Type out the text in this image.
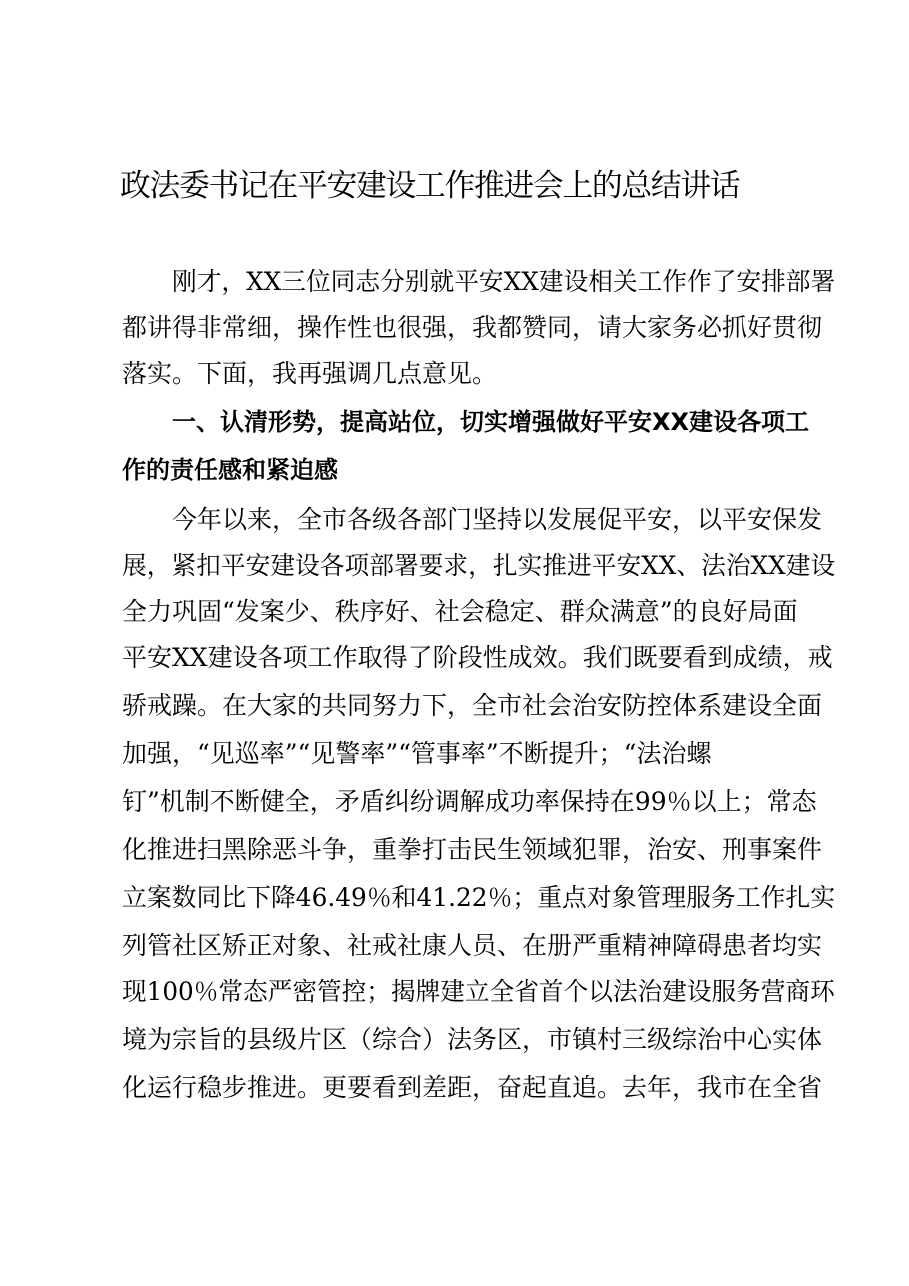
政法委书记在平安建设工作推进会上的总结讲话
刚才，XX三位同志分别就平安XX建设相关工作作了安排部署
都讲得非常细，操作性也很强，我都赞同，请大家务必抓好贯彻
落实。下面，我再强调几点意见。
一、认清形势，提高站位，切实增强做好平安XX建设各项工
作的责任感和紧迫感
今年以来，全市各级各部门坚持以发展促平安，以平安保发
展，紧扣平安建设各项部署要求，扎实推进平安XX、法治XX建设
全力巩固“发案少、秩序好、社会稳定、群众满意”的良好局面
平安XX建设各项工作取得了阶段性成效。我们既要看到成绩，戒
骄戒躁。在大家的共同努力下，全市社会治安防控体系建设全面
加强，“见巡率”“见警率”“管事率”不断提升；“法治螺
钉”机制不断健全，矛盾纠纷调解成功率保持在99％以上；常态
化推进扫黑除恶斗争，重拳打击民生领域犯罪，治安、刑事案件
立案数同比下降46.49％和41.22％；重点对象管理服务工作扎实
列管社区矫正对象、社戒社康人员、在册严重精神障碍患者均实
现100％常态严密管控；揭牌建立全省首个以法治建设服务营商环
境为宗旨的县级片区（综合）法务区，市镇村三级综治中心实体
化运行稳步推进。更要看到差距，奋起直追。去年，我市在全省
